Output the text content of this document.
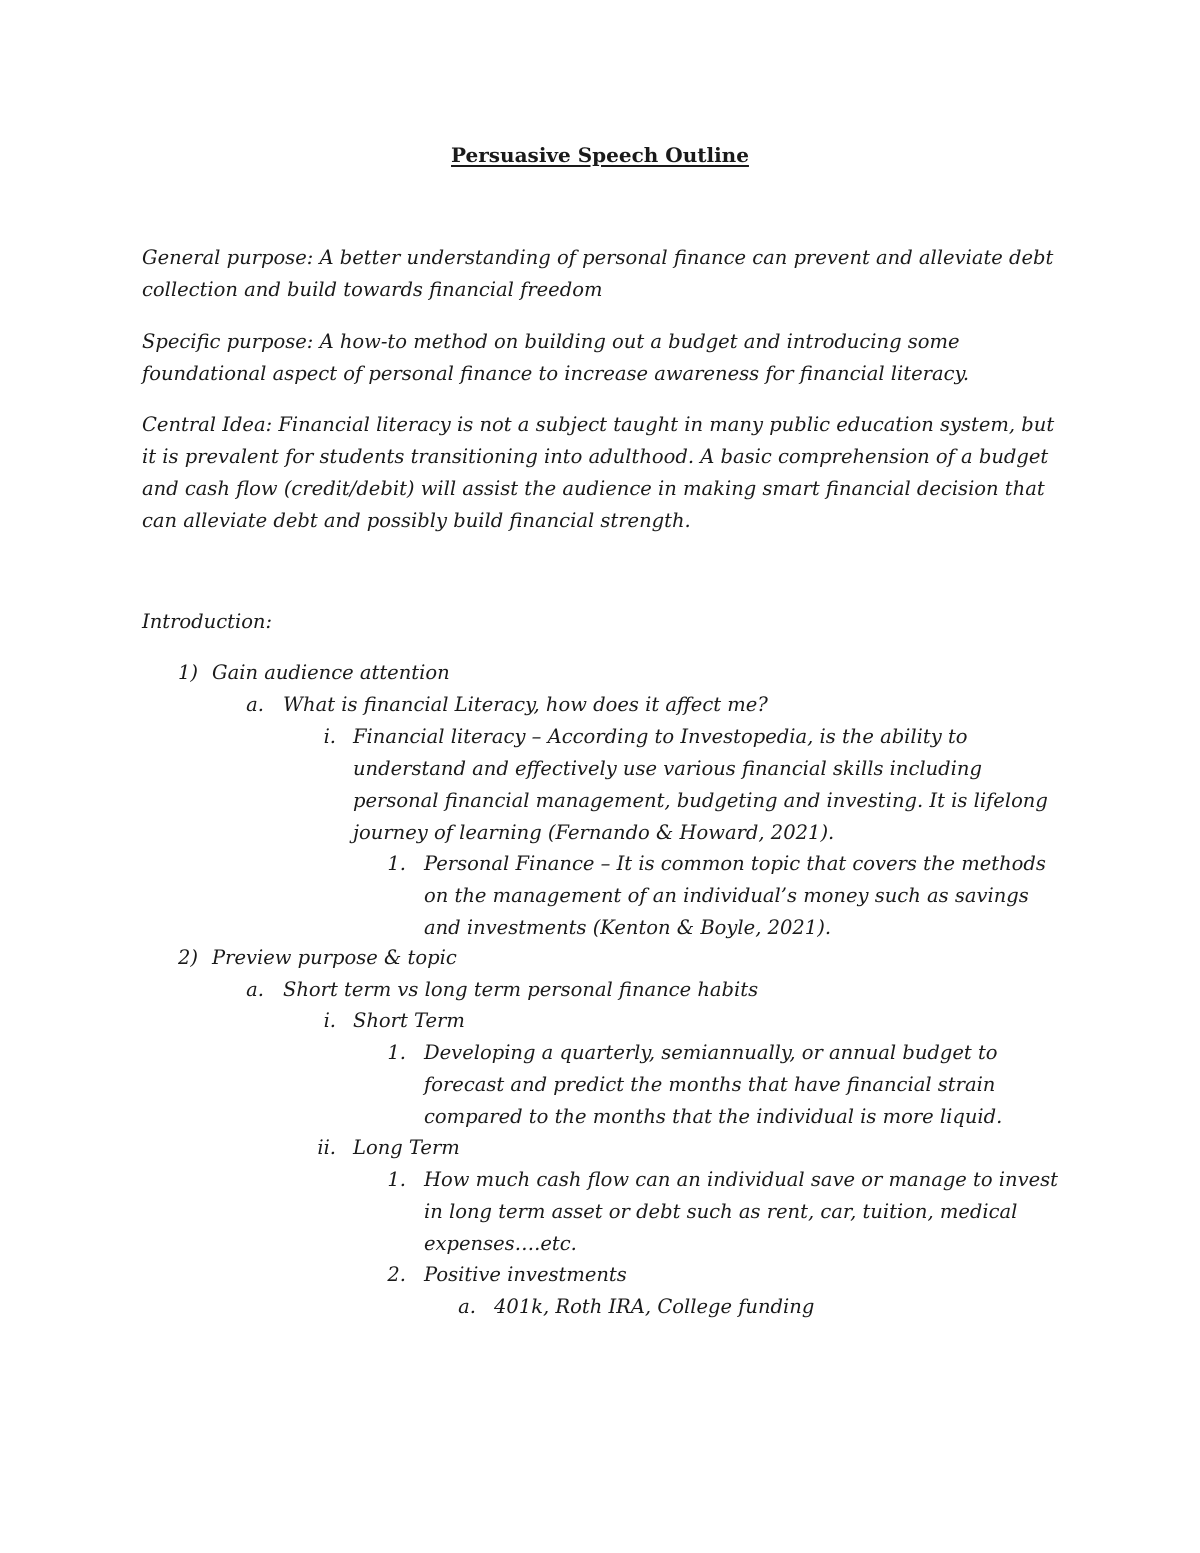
Persuasive Speech Outline

General purpose: A better understanding of personal finance can prevent and alleviate debt collection and build towards financial freedom

Specific purpose: A how-to method on building out a budget and introducing some foundational aspect of personal finance to increase awareness for financial literacy.

Central Idea: Financial literacy is not a subject taught in many public education system, but it is prevalent for students transitioning into adulthood. A basic comprehension of a budget and cash flow (credit/debit) will assist the audience in making smart financial decision that can alleviate debt and possibly build financial strength.

Introduction:

1) Gain audience attention

a. What is financial Literacy, how does it affect me?

i. Financial literacy – According to Investopedia, is the ability to understand and effectively use various financial skills including personal financial management, budgeting and investing. It is lifelong journey of learning (Fernando & Howard, 2021).

1. Personal Finance – It is common topic that covers the methods on the management of an individual’s money such as savings and investments (Kenton & Boyle, 2021).

2) Preview purpose & topic

a. Short term vs long term personal finance habits

i. Short Term

1. Developing a quarterly, semiannually, or annual budget to forecast and predict the months that have financial strain compared to the months that the individual is more liquid.

ii. Long Term

1. How much cash flow can an individual save or manage to invest in long term asset or debt such as rent, car, tuition, medical expenses….etc.

2. Positive investments

a. 401k, Roth IRA, College funding
